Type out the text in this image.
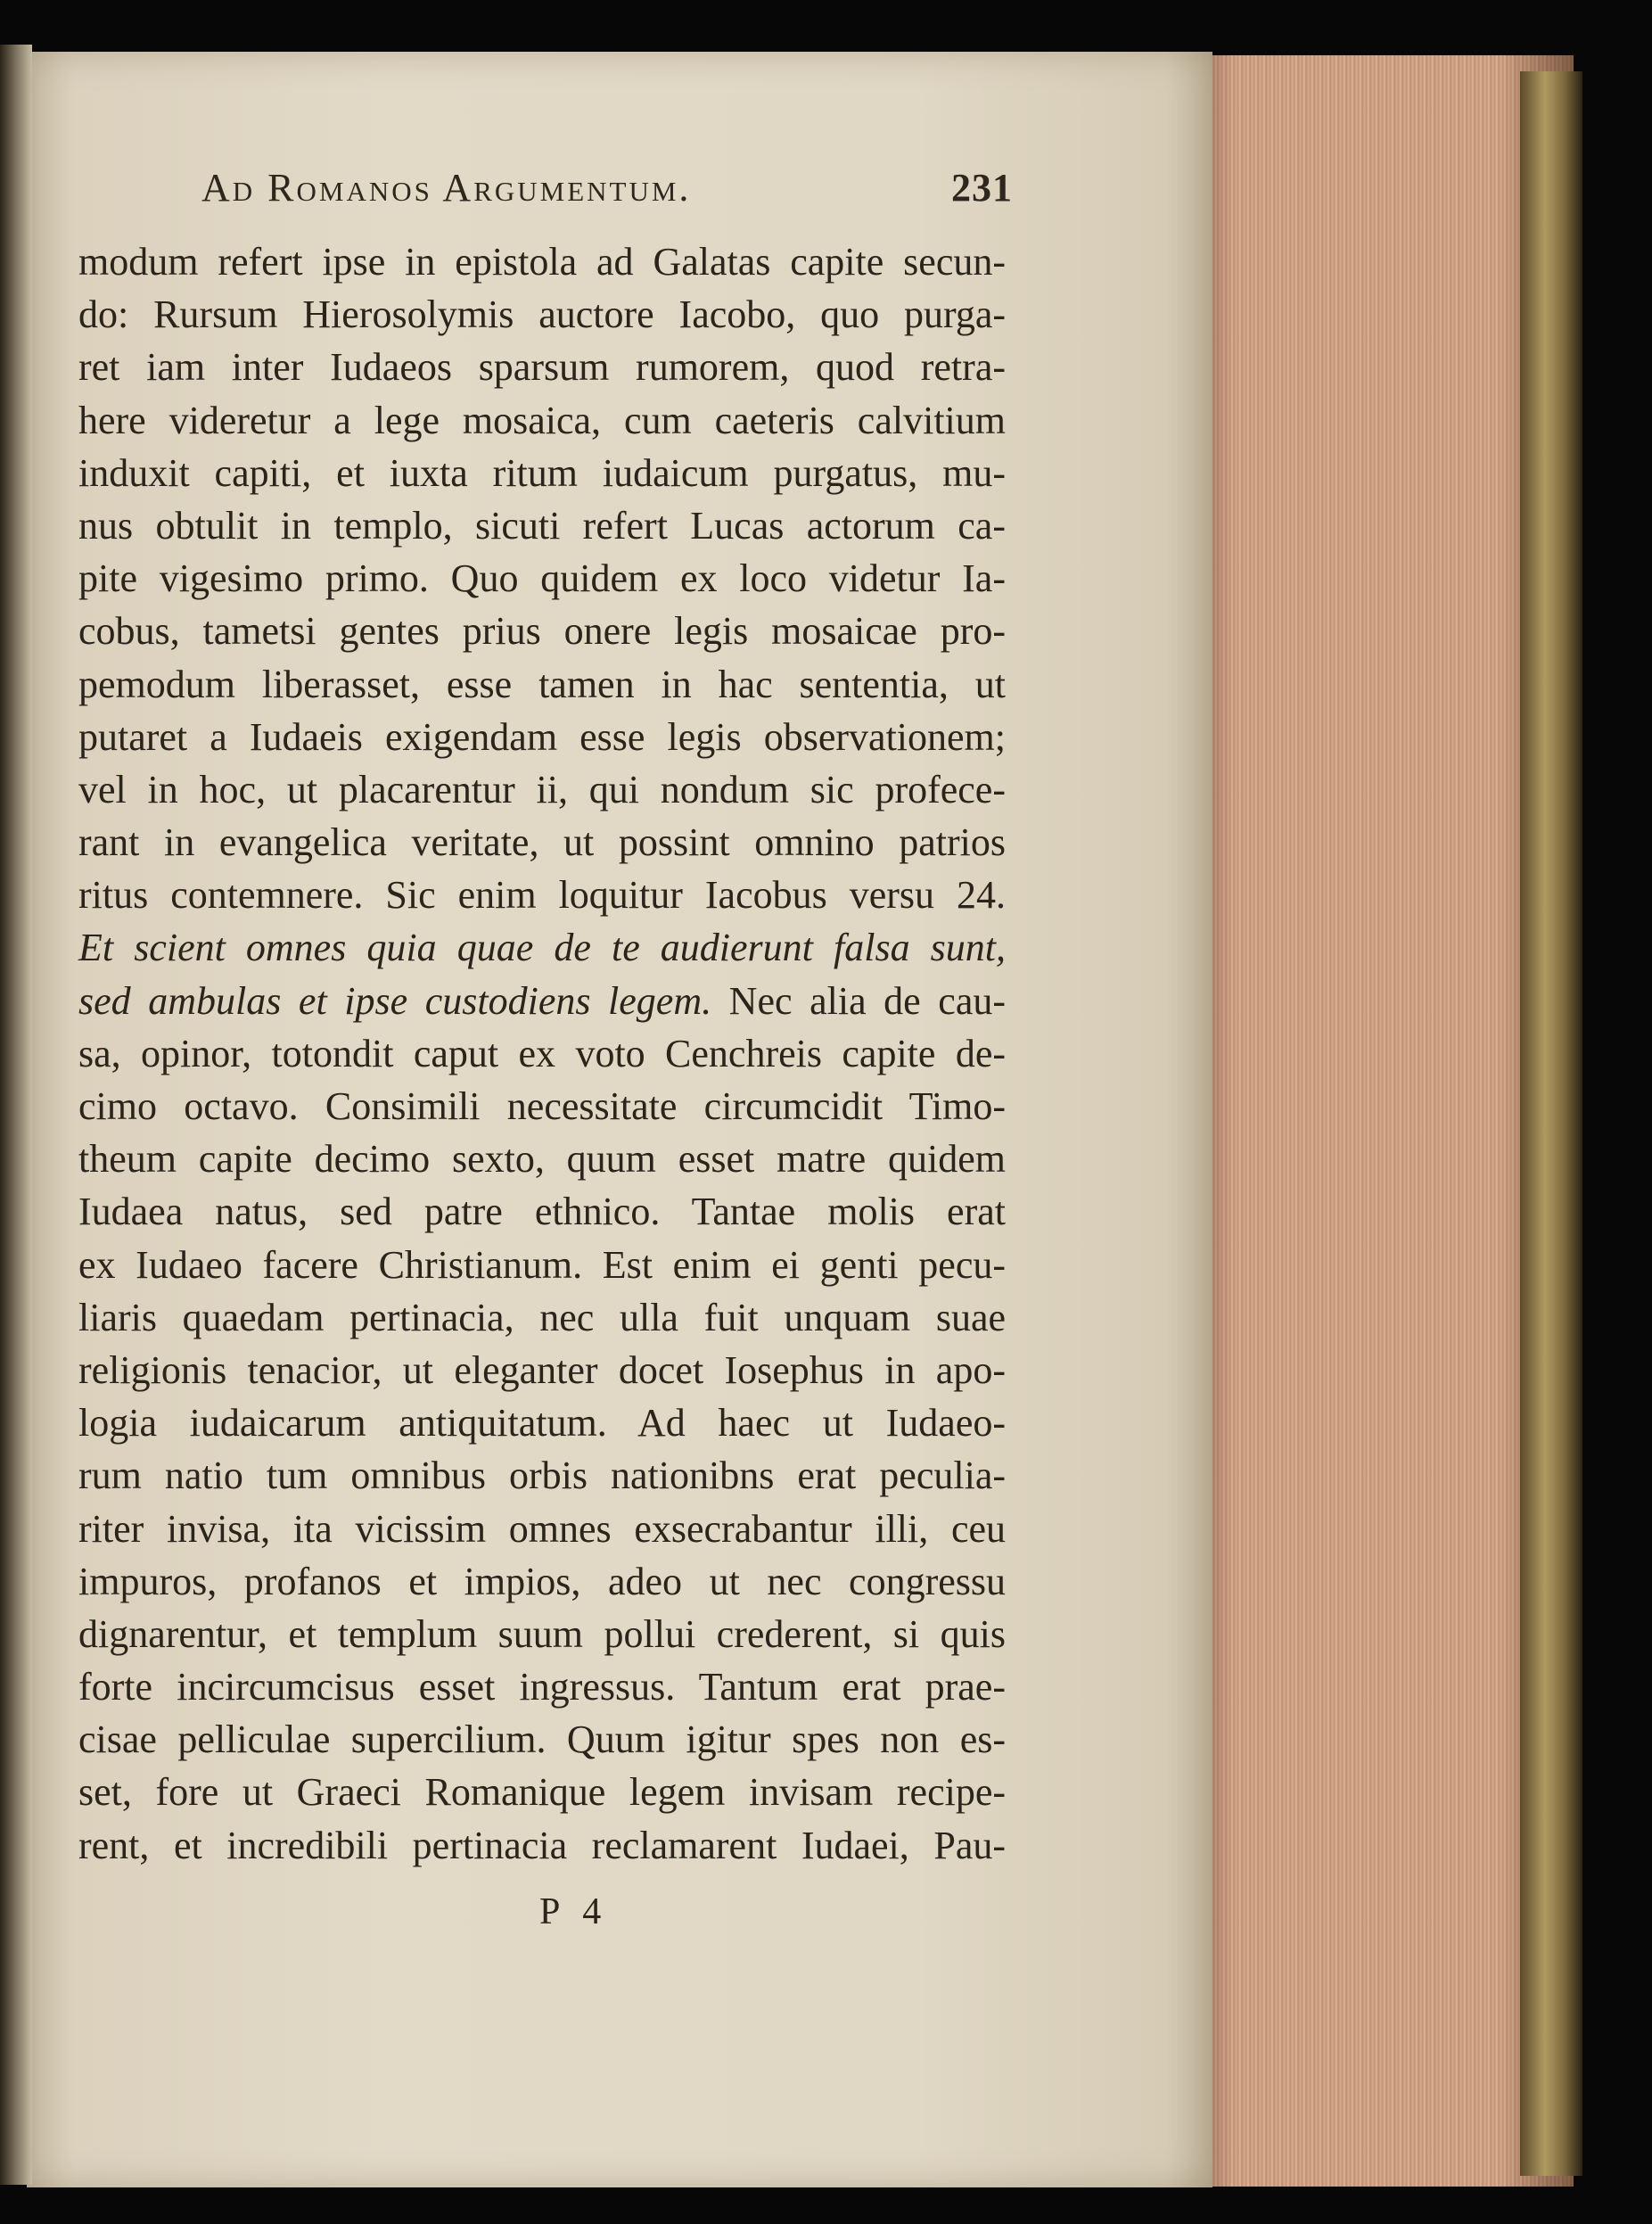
Ad Romanos Argumentum.	231
modum refert ipse in epistola ad Galatas capite secun-
do: Rursum Hierosolymis auctore Iacobo, quo purga-
ret iam inter Iudaeos sparsum rumorem, quod retra-
here videretur a lege mosaica, cum caeteris calvitium
induxit capiti, et iuxta ritum iudaicum purgatus, mu-
nus obtulit in templo, sicuti refert Lucas actorum ca-
pite vigesimo primo. Quo quidem ex loco videtur Ia-
cobus, tametsi gentes prius onere legis mosaicae pro-
pemodum liberasset, esse tamen in hac sententia, ut
putaret a Iudaeis exigendam esse legis observationem;
vel in hoc, ut placarentur ii, qui nondum sic profece-
rant in evangelica veritate, ut possint omnino patrios
ritus contemnere. Sic enim loquitur Iacobus versu 24.
Et scient omnes quia quae de te audierunt falsa sunt,
sed ambulas et ipse custodiens legem. Nec alia de cau-
sa, opinor, totondit caput ex voto Cenchreis capite de-
cimo octavo. Consimili necessitate circumcidit Timo-
theum capite decimo sexto, quum esset matre quidem
Iudaea natus, sed patre ethnico. Tantae molis erat
ex Iudaeo facere Christianum. Est enim ei genti pecu-
liaris quaedam pertinacia, nec ulla fuit unquam suae
religionis tenacior, ut eleganter docet Iosephus in apo-
logia iudaicarum antiquitatum. Ad haec ut Iudaeo-
rum natio tum omnibus orbis nationibns erat peculia-
riter invisa, ita vicissim omnes exsecrabantur illi, ceu
impuros, profanos et impios, adeo ut nec congressu
dignarentur, et templum suum pollui crederent, si quis
forte incircumcisus esset ingressus. Tantum erat prae-
cisae pelliculae supercilium. Quum igitur spes non es-
set, fore ut Graeci Romanique legem invisam recipe-
rent, et incredibili pertinacia reclamarent Iudaei, Pau-
P 4
